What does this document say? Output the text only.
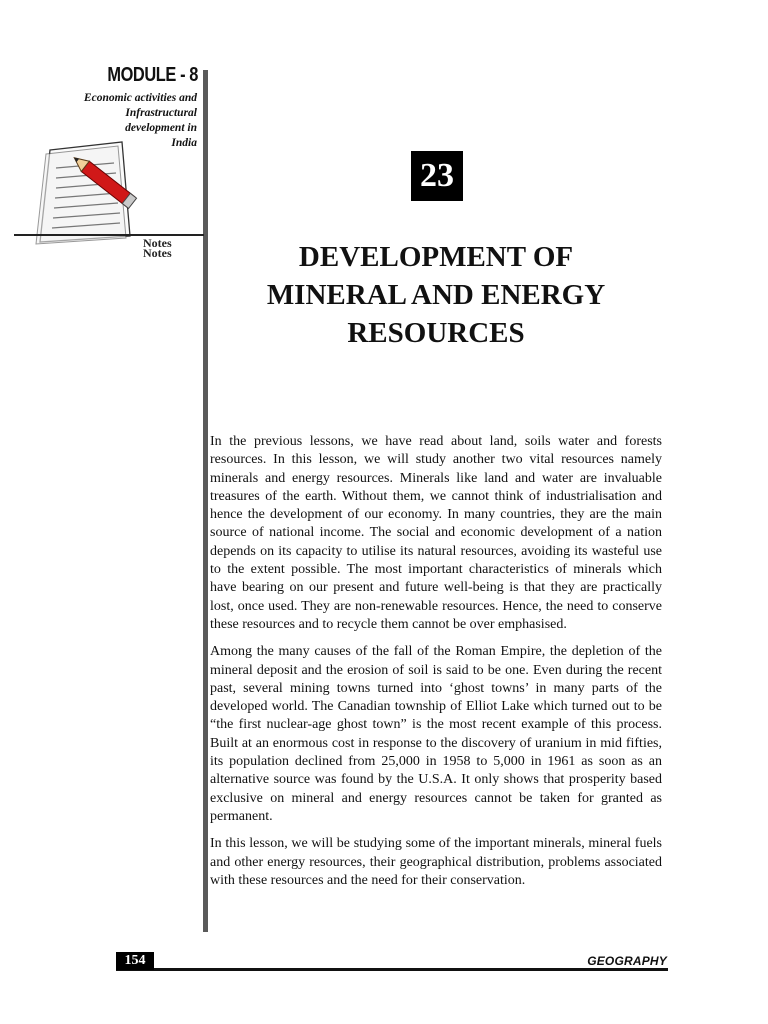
MODULE - 8

Economic activities and
Infrastructural
development in
India

Notes
Notes
23
DEVELOPMENT OF
MINERAL AND ENERGY
RESOURCES

In the previous lessons, we have read about land, soils water and forests resources. In this lesson, we will study another two vital resources namely minerals and energy resources. Minerals like land and water are invaluable treasures of the earth. Without them, we cannot think of industrialisation and hence the development of our economy. In many countries, they are the main source of national income. The social and economic development of a nation depends on its capacity to utilise its natural resources, avoiding its wasteful use to the extent possible. The most important characteristics of minerals which have bearing on our present and future well-being is that they are practically lost, once used. They are non-renewable resources. Hence, the need to conserve these resources and to recycle them cannot be over emphasised.

Among the many causes of the fall of the Roman Empire, the depletion of the mineral deposit and the erosion of soil is said to be one. Even during the recent past, several mining towns turned into ‘ghost towns’ in many parts of the developed world. The Canadian township of Elliot Lake which turned out to be “the first nuclear-age ghost town” is the most recent example of this process. Built at an enormous cost in response to the discovery of uranium in mid fifties, its population declined from 25,000 in 1958 to 5,000 in 1961 as soon as an alternative source was found by the U.S.A. It only shows that prosperity based exclusive on mineral and energy resources cannot be taken for granted as permanent.

In this lesson, we will be studying some of the important minerals, mineral fuels and other energy resources, their geographical distribution, problems associated with these resources and the need for their conservation.

154	GEOGRAPHY
